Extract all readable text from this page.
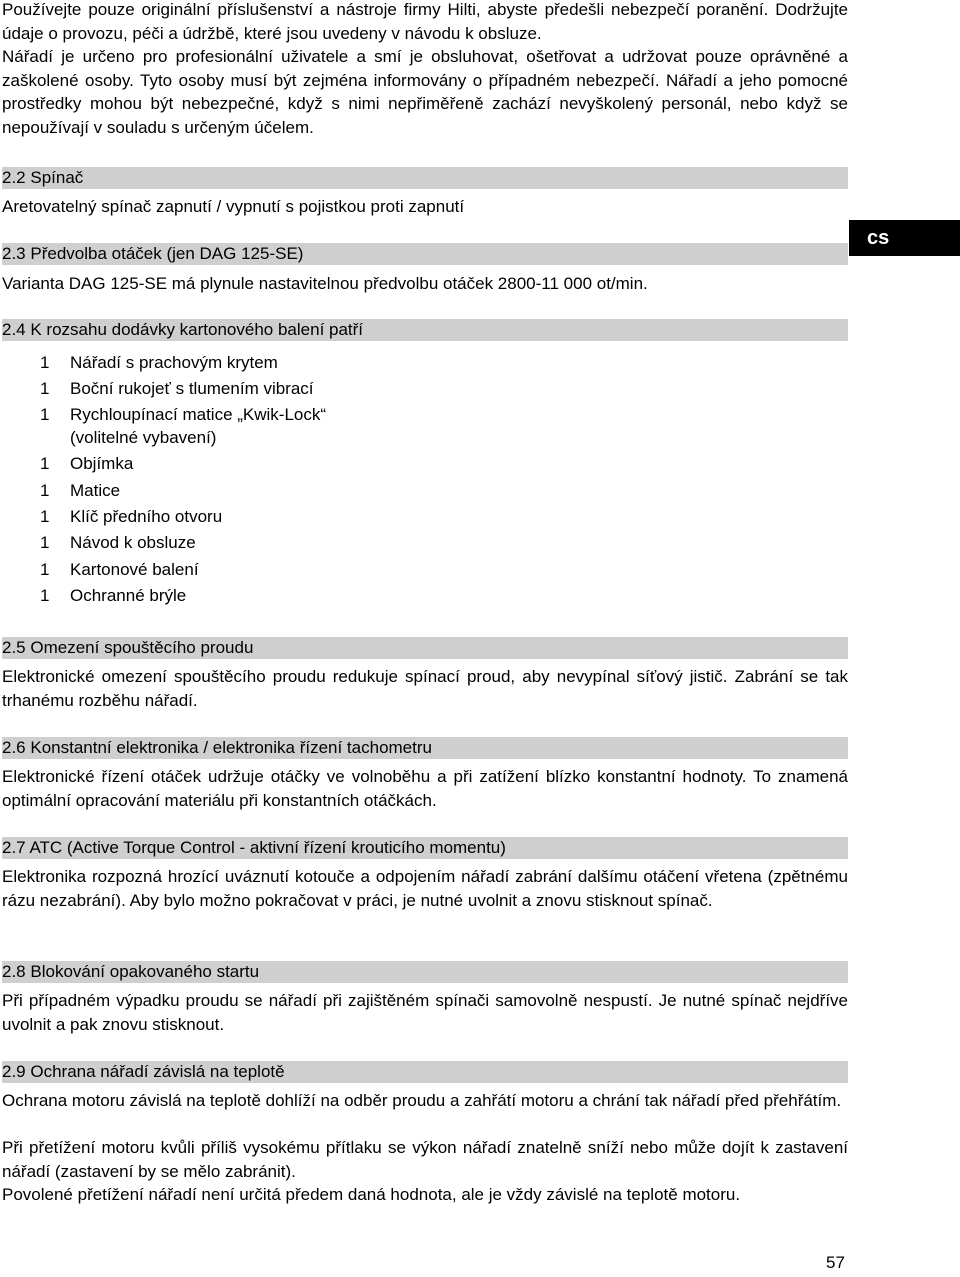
Používejte pouze originální příslušenství a nástroje firmy Hilti, abyste předešli nebezpečí poranění. Dodržujte údaje o provozu, péči a údržbě, které jsou uvedeny v návodu k obsluze.

Nářadí je určeno pro profesionální uživatele a smí je obsluhovat, ošetřovat a udržovat pouze oprávněné a zaškolené osoby. Tyto osoby musí být zejména informovány o případném nebezpečí. Nářadí a jeho pomocné prostředky mohou být nebezpečné, když s nimi nepřiměřeně zachází nevyškolený personál, nebo když se nepoužívají v souladu s určeným účelem.

cs
2.2 Spínač

Aretovatelný spínač zapnutí / vypnutí s pojistkou proti zapnutí

2.3 Předvolba otáček (jen DAG 125-SE)

Varianta DAG 125-SE má plynule nastavitelnou předvolbu otáček 2800-11 000 ot/min.

2.4 K rozsahu dodávky kartonového balení patří
1 Nářadí s prachovým krytem
1 Boční rukojeť s tlumením vibrací
1 Rychloupínací matice „Kwik-Lock“
(volitelné vybavení)
1 Objímka
1 Matice
1 Klíč předního otvoru
1 Návod k obsluze
1 Kartonové balení
1 Ochranné brýle
2.5 Omezení spouštěcího proudu

Elektronické omezení spouštěcího proudu redukuje spínací proud, aby nevypínal síťový jistič. Zabrání se tak trhanému rozběhu nářadí.

2.6 Konstantní elektronika / elektronika řízení tachometru

Elektronické řízení otáček udržuje otáčky ve volnoběhu a při zatížení blízko konstantní hodnoty. To znamená optimální opracování materiálu při konstantních otáčkách.

2.7 ATC (Active Torque Control - aktivní řízení krouticího momentu)

Elektronika rozpozná hrozící uváznutí kotouče a odpojením nářadí zabrání dalšímu otáčení vřetena (zpětnému rázu nezabrání). Aby bylo možno pokračovat v práci, je nutné uvolnit a znovu stisknout spínač.

2.8 Blokování opakovaného startu

Při případném výpadku proudu se nářadí při zajištěném spínači samovolně nespustí. Je nutné spínač nejdříve uvolnit a pak znovu stisknout.

2.9 Ochrana nářadí závislá na teplotě

Ochrana motoru závislá na teplotě dohlíží na odběr proudu a zahřátí motoru a chrání tak nářadí před přehřátím.

Při přetížení motoru kvůli příliš vysokému přítlaku se výkon nářadí znatelně sníží nebo může dojít k zastavení nářadí (zastavení by se mělo zabránit).

Povolené přetížení nářadí není určitá předem daná hodnota, ale je vždy závislé na teplotě motoru.

57
